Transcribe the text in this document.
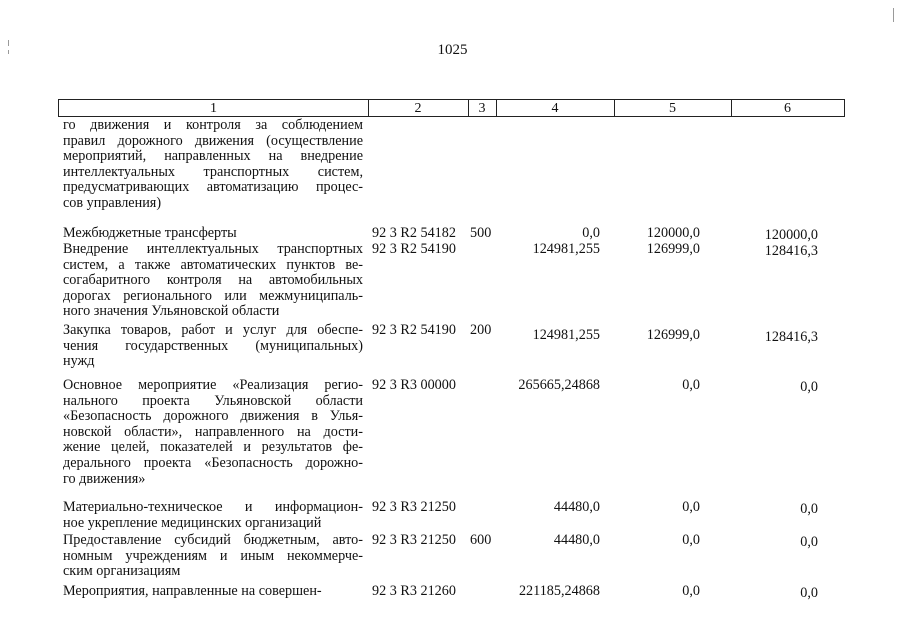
1025
1	2	3	4	5	6
го движения и контроля за соблюдением
правил дорожного движения (осуществление
мероприятий, направленных на внедрение
интеллектуальных транспортных систем,
предусматривающих автоматизацию процес-
сов управления)
Межбюджетные трансферты	92 3 R2 54182 500	0,0	120000,0	120000,0
Внедрение интеллектуальных транспортных
систем, а также автоматических пунктов ве-
согабаритного контроля на автомобильных
дорогах регионального или межмуниципаль-
ного значения Ульяновской области
92 3 R2 54190	124981,255	126999,0	128416,3
Закупка товаров, работ и услуг для обеспе-
чения государственных (муниципальных)
нужд
92 3 R2 54190 200	124981,255	126999,0	128416,3
Основное мероприятие «Реализация регио-
нального проекта Ульяновской области
«Безопасность дорожного движения в Улья-
новской области», направленного на дости-
жение целей, показателей и результатов фе-
дерального проекта «Безопасность дорожно-
го движения»
92 3 R3 00000	265665,24868	0,0	0,0
Материально-техническое и информацион-
ное укрепление медицинских организаций
92 3 R3 21250	44480,0	0,0	0,0
Предоставление субсидий бюджетным, авто-
номным учреждениям и иным некоммерче-
ским организациям
92 3 R3 21250 600	44480,0	0,0	0,0
Мероприятия, направленные на совершен-	92 3 R3 21260	221185,24868	0,0	0,0
